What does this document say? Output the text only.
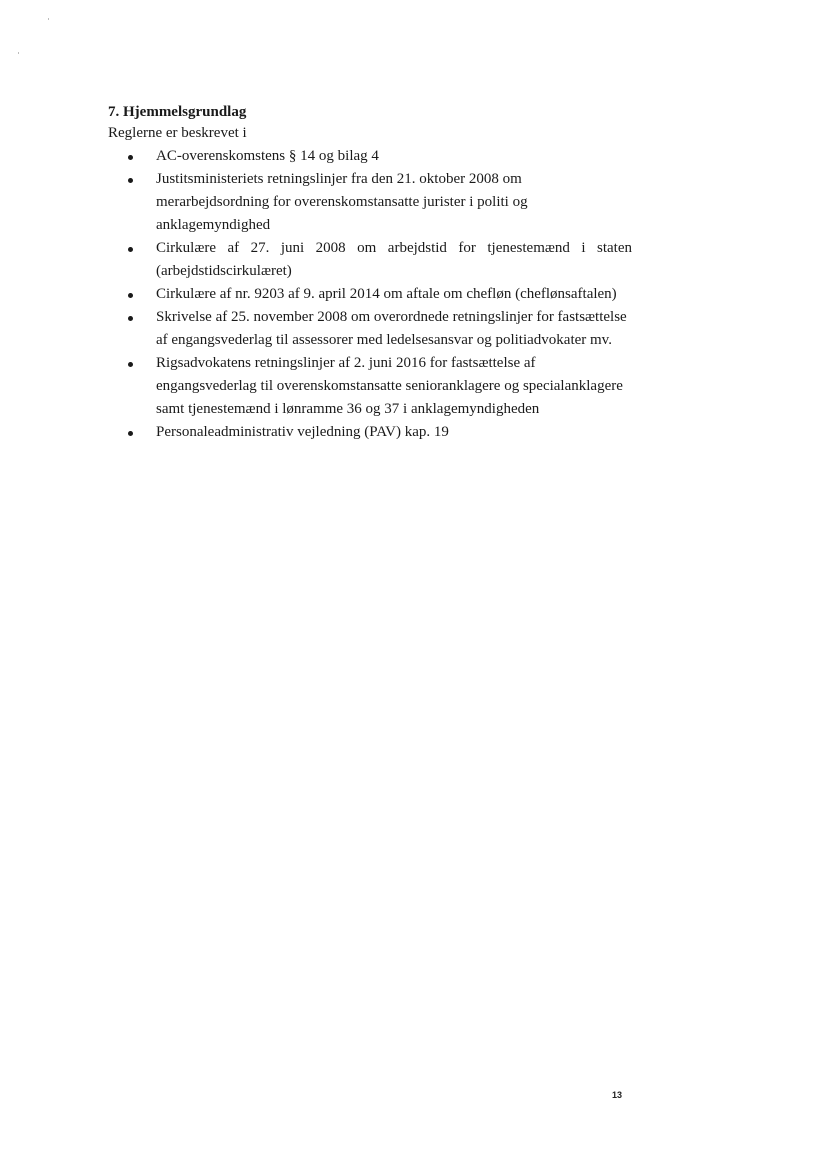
7. Hjemmelsgrundlag

Reglerne er beskrevet i

AC-overenskomstens § 14 og bilag 4
Justitsministeriets retningslinjer fra den 21. oktober 2008 om merarbejdsordning for overenskomstansatte jurister i politi og anklagemyndighed
Cirkulære af 27. juni 2008 om arbejdstid for tjenestemænd i staten (arbejdstidscirkulæret)
Cirkulære af nr. 9203 af 9. april 2014 om aftale om chefløn (cheflønsaftalen)
Skrivelse af 25. november 2008 om overordnede retningslinjer for fastsættelse af engangsvederlag til assessorer med ledelsesansvar og politiadvokater mv.
Rigsadvokatens retningslinjer af 2. juni 2016 for fastsættelse af engangsvederlag til overenskomstansatte senioranklagere og specialanklagere samt tjenestemænd i lønramme 36 og 37 i anklagemyndigheden
Personaleadministrativ vejledning (PAV) kap. 19
13
